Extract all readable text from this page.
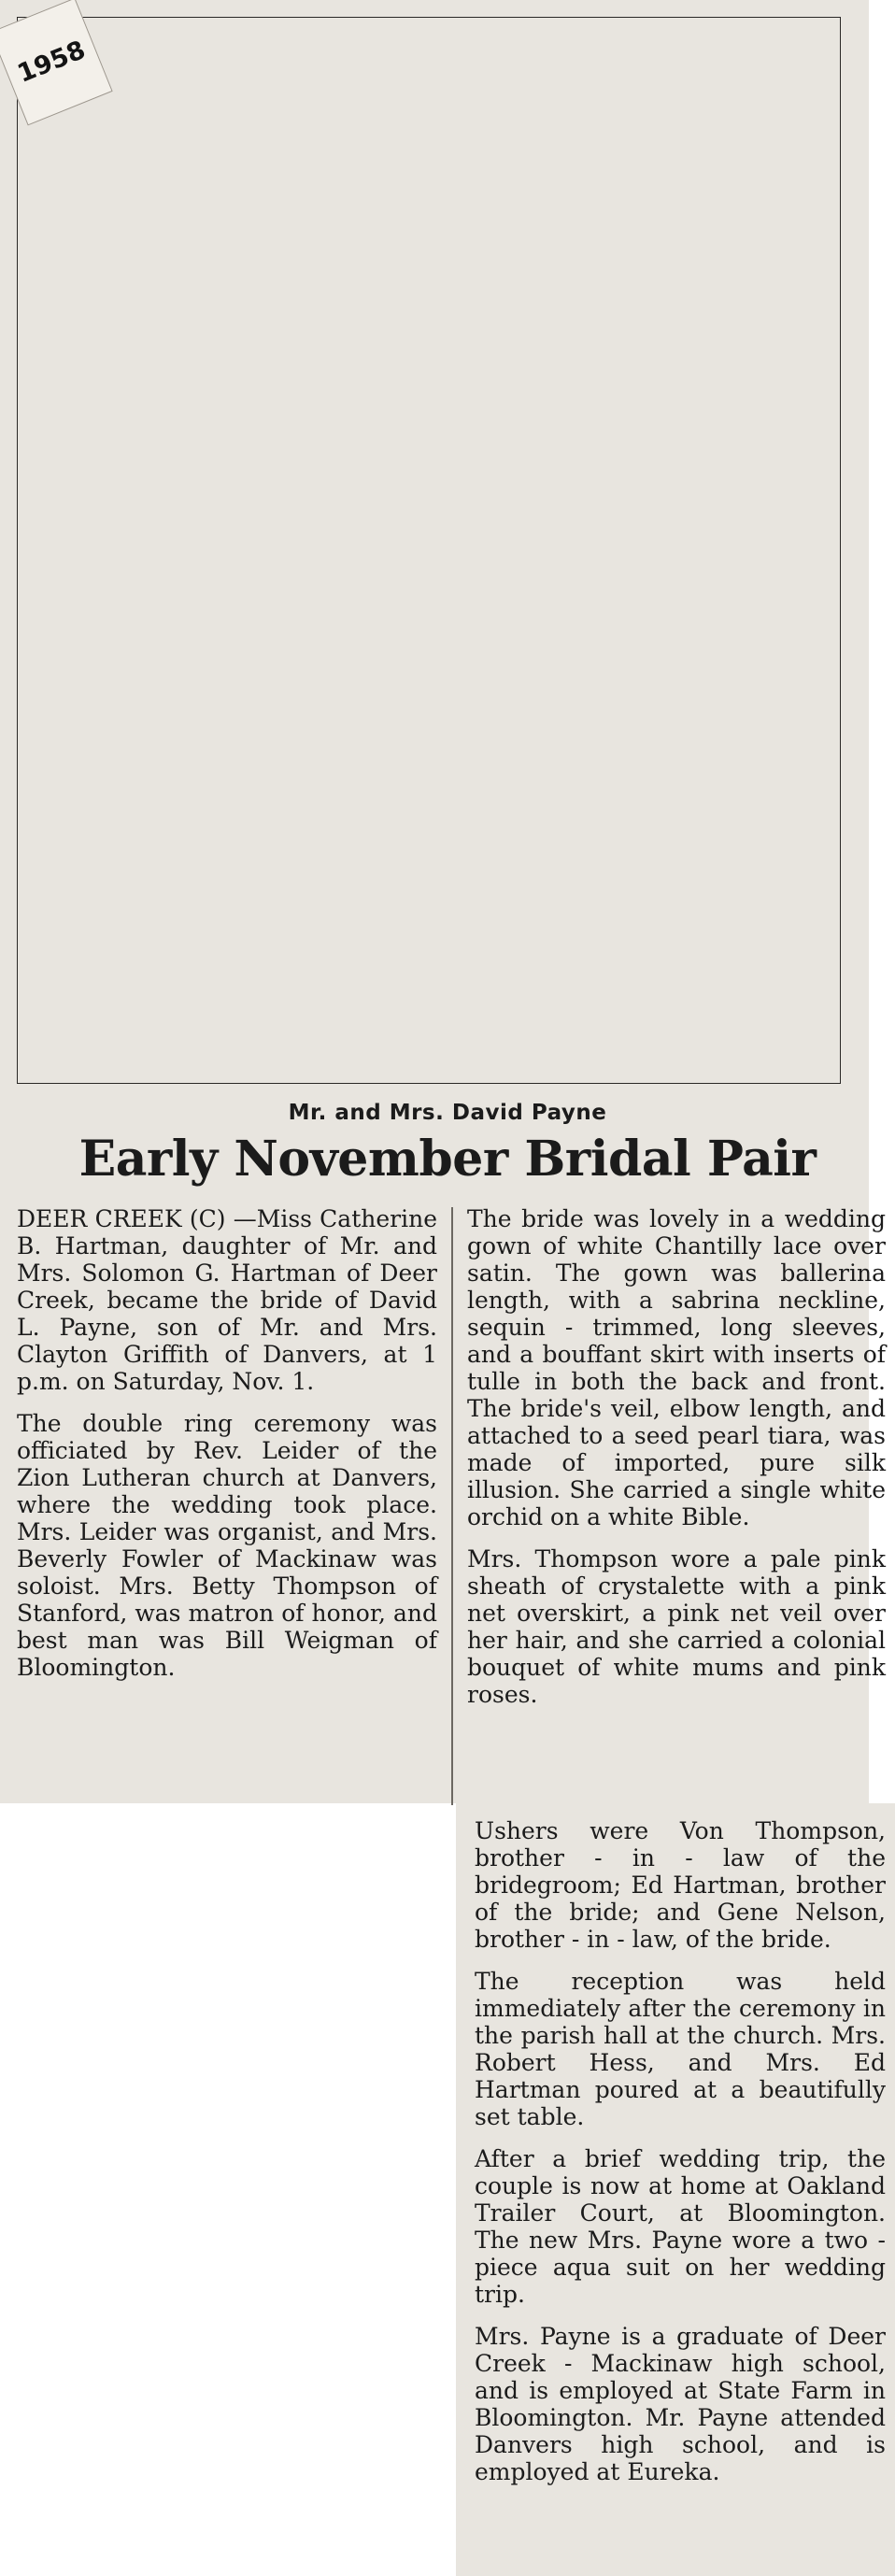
1958
Mr. and Mrs. David Payne
Early November Bridal Pair

DEER CREEK (C) —Miss Catherine B. Hartman, daughter of Mr. and Mrs. Solomon G. Hartman of Deer Creek, became the bride of David L. Payne, son of Mr. and Mrs. Clayton Griffith of Danvers, at 1 p.m. on Saturday, Nov. 1.

The double ring ceremony was officiated by Rev. Leider of the Zion Lutheran church at Danvers, where the wedding took place. Mrs. Leider was organist, and Mrs. Beverly Fowler of Mackinaw was soloist. Mrs. Betty Thompson of Stanford, was matron of honor, and best man was Bill Weigman of Bloomington.

The bride was lovely in a wedding gown of white Chantilly lace over satin. The gown was ballerina length, with a sabrina neckline, sequin - trimmed, long sleeves, and a bouffant skirt with inserts of tulle in both the back and front. The bride's veil, elbow length, and attached to a seed pearl tiara, was made of imported, pure silk illusion. She carried a single white orchid on a white Bible.

Mrs. Thompson wore a pale pink sheath of crystalette with a pink net overskirt, a pink net veil over her hair, and she carried a colonial bouquet of white mums and pink roses.

Ushers were Von Thompson, brother - in - law of the bridegroom; Ed Hartman, brother of the bride; and Gene Nelson, brother - in - law, of the bride.

The reception was held immediately after the ceremony in the parish hall at the church. Mrs. Robert Hess, and Mrs. Ed Hartman poured at a beautifully set table.

After a brief wedding trip, the couple is now at home at Oakland Trailer Court, at Bloomington. The new Mrs. Payne wore a two - piece aqua suit on her wedding trip.

Mrs. Payne is a graduate of Deer Creek - Mackinaw high school, and is employed at State Farm in Bloomington. Mr. Payne attended Danvers high school, and is employed at Eureka.
